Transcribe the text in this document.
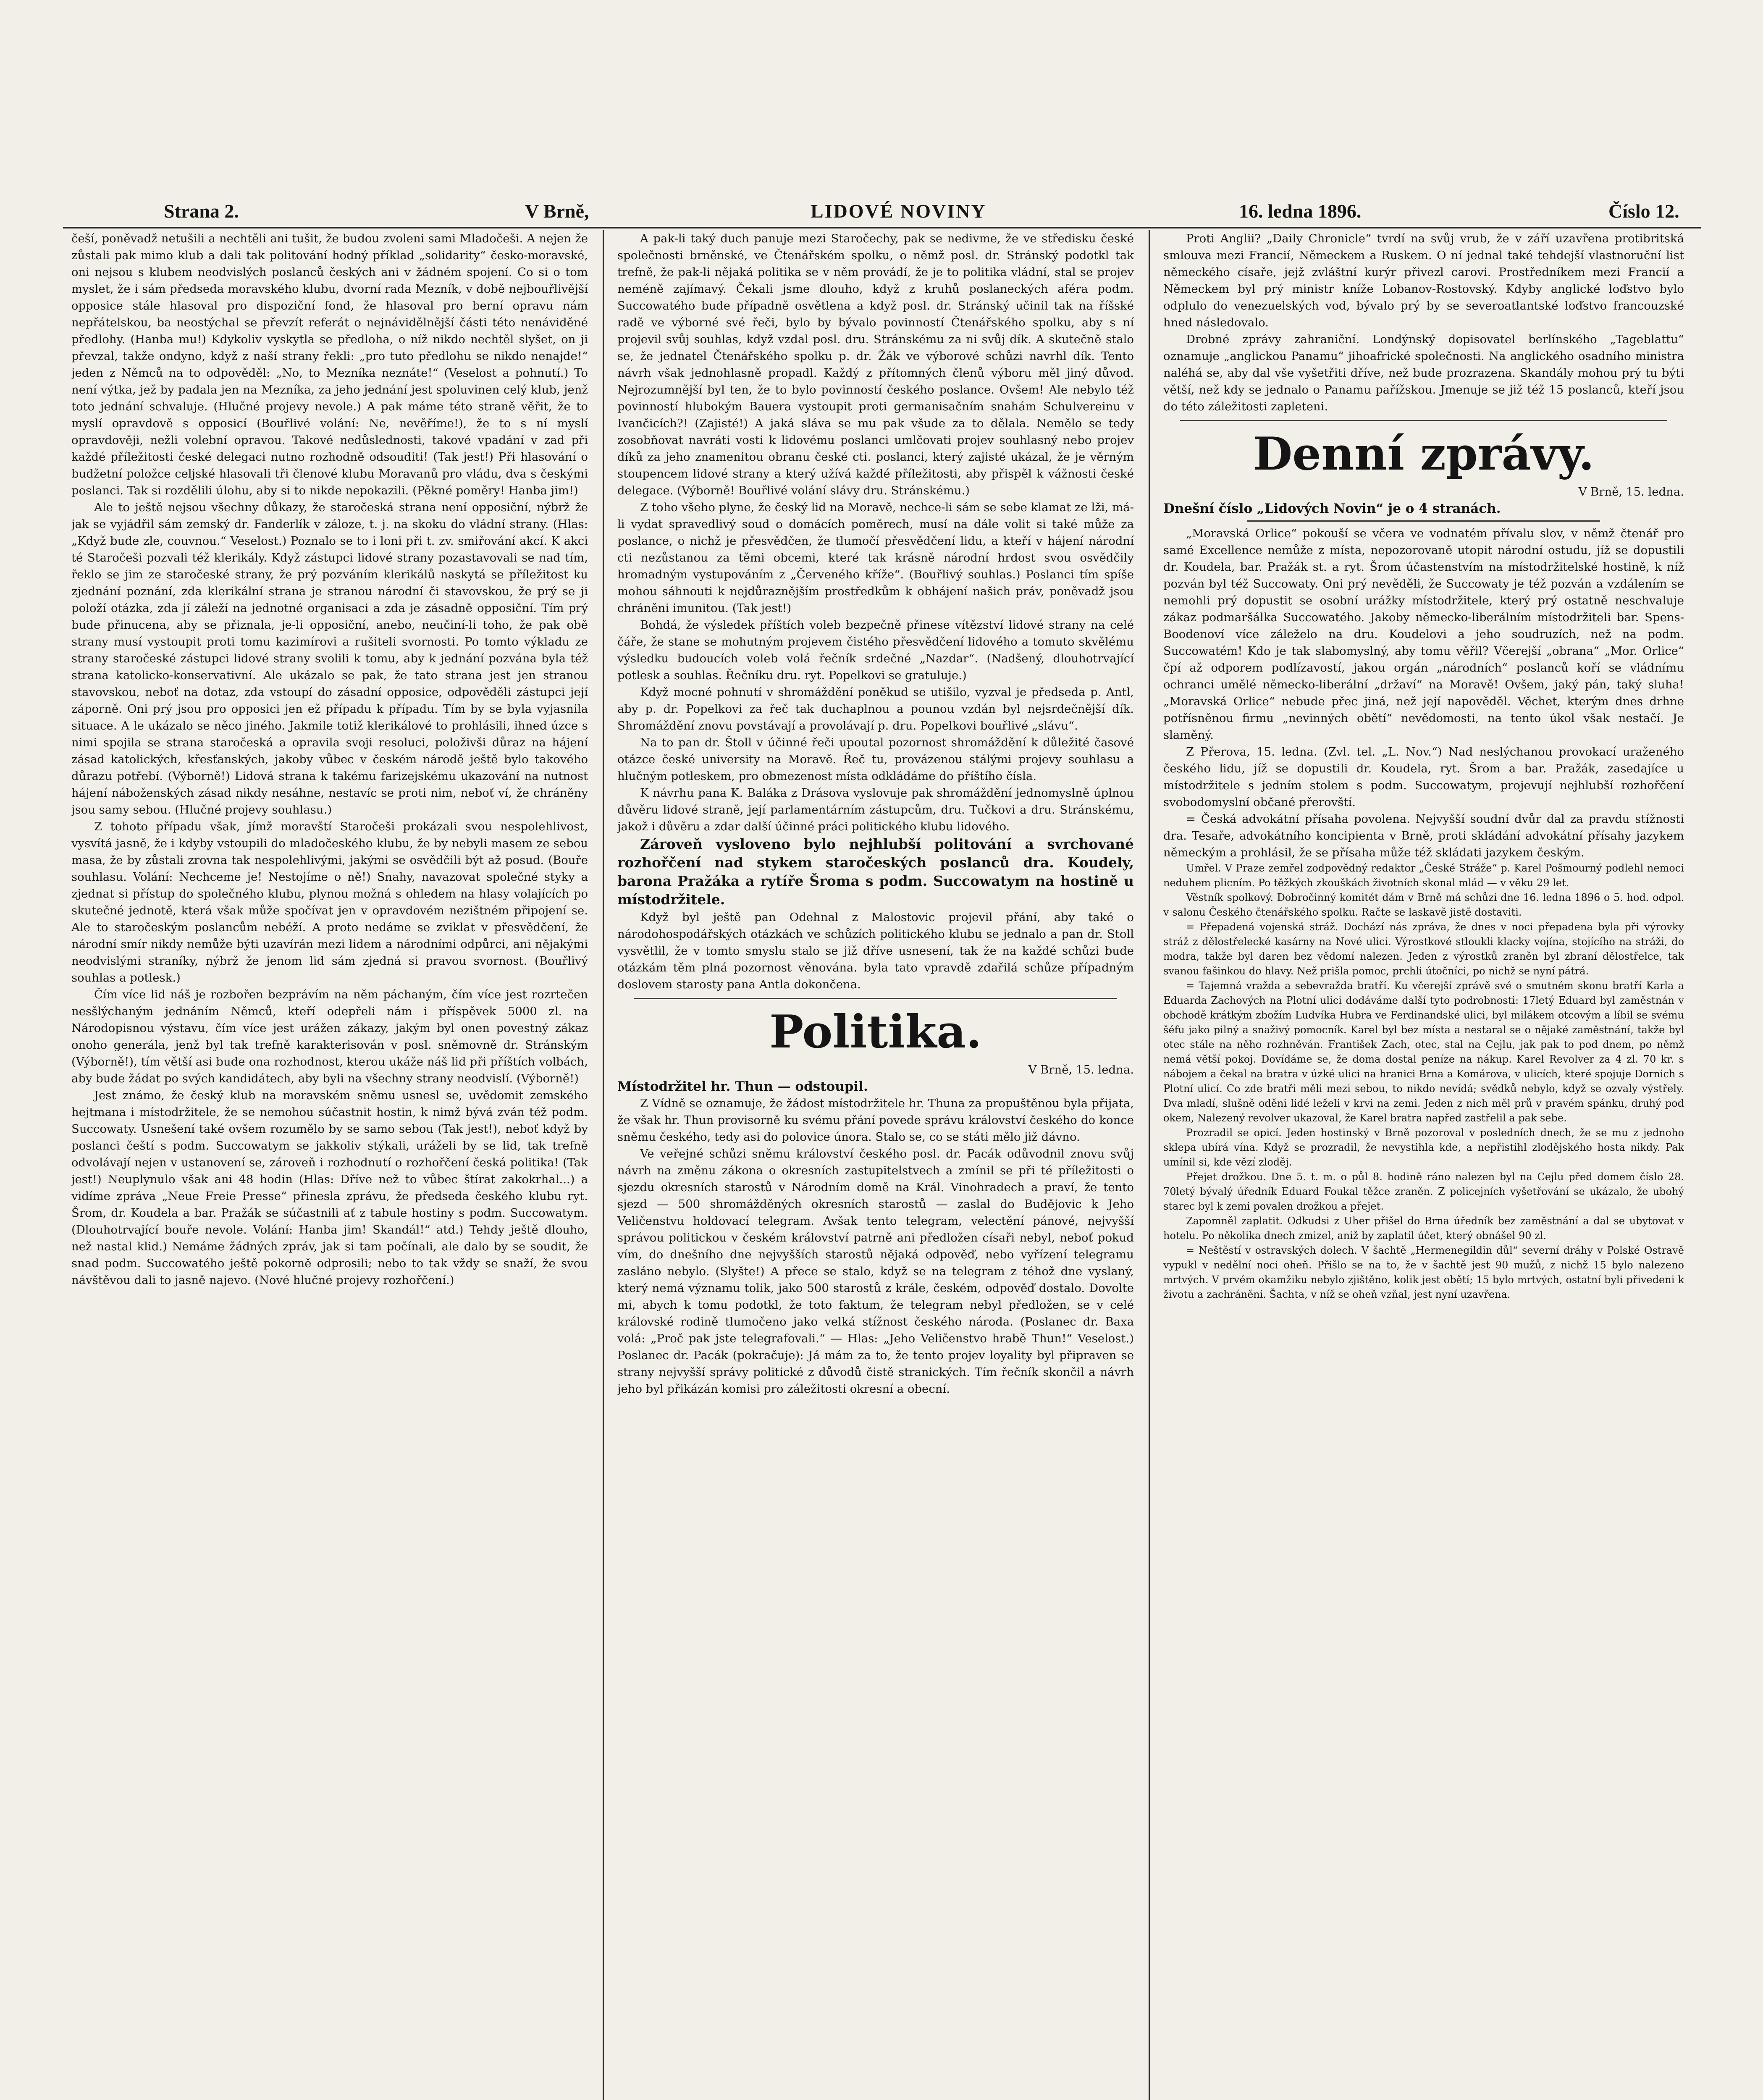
Strana 2.	V Brně,	LIDOVÉ NOVINY	16. ledna 1896.	Číslo 12.

češí, poněvadž netušili a nechtěli ani tušit, že budou zvoleni sami Mladočeši. A nejen že zůstali pak mimo klub a dali tak politování hodný příklad „solidarity“ česko-moravské, oni nejsou s klubem neodvislých poslanců českých ani v žádném spojení. Co si o tom myslet, že i sám předseda moravského klubu, dvorní rada Mezník, v době nejbouřlivější opposice stále hlasoval pro dispoziční fond, že hlasoval pro berní opravu nám nepřátelskou, ba neostýchal se převzít referát o nejnávidělnější části této nenáviděné předlohy. (Hanba mu!) Kdykoliv vyskytla se předloha, o níž nikdo nechtěl slyšet, on ji převzal, takže ondyno, když z naší strany řekli: „pro tuto předlohu se nikdo nenajde!“ jeden z Němců na to odpověděl: „No, to Mezníka neznáte!“ (Veselost a pohnutí.) To není výtka, jež by padala jen na Mezníka, za jeho jednání jest spoluvinen celý klub, jenž toto jednání schvaluje. (Hlučné projevy nevole.) A pak máme této straně věřit, že to myslí opravdově s opposicí (Bouřlivé volání: Ne, nevěříme!), že to s ní myslí opravdověji, nežli volební opravou. Takové nedůslednosti, takové vpadání v zad při každé příležitosti české delegaci nutno rozhodně odsouditi! (Tak jest!) Při hlasování o budžetní položce celjské hlasovali tři členové klubu Moravanů pro vládu, dva s českými poslanci. Tak si rozdělili úlohu, aby si to nikde nepokazili. (Pěkné poměry! Hanba jim!)

Ale to ještě nejsou všechny důkazy, že staročeská strana není opposiční, nýbrž že jak se vyjádřil sám zemský dr. Fanderlík v záloze, t. j. na skoku do vládní strany. (Hlas: „Když bude zle, couvnou.“ Veselost.) Poznalo se to i loni při t. zv. smiřování akcí. K akci té Staročeši pozvali též klerikály. Když zástupci lidové strany pozastavovali se nad tím, řeklo se jim ze staročeské strany, že prý pozváním klerikálů naskytá se příležitost ku zjednání poznání, zda klerikální strana je stranou národní či stavovskou, že prý se ji položí otázka, zda jí záleží na jednotné organisaci a zda je zásadně opposiční. Tím prý bude přinucena, aby se přiznala, je-li opposiční, anebo, neučiní-li toho, že pak obě strany musí vystoupit proti tomu kazimírovi a rušiteli svornosti. Po tomto výkladu ze strany staročeské zástupci lidové strany svolili k tomu, aby k jednání pozvána byla též strana katolicko-konservativní. Ale ukázalo se pak, že tato strana jest jen stranou stavovskou, neboť na dotaz, zda vstoupí do zásadní opposice, odpověděli zástupci její záporně. Oni prý jsou pro opposici jen ež případu k případu. Tím by se byla vyjasnila situace. A le ukázalo se něco jiného. Jakmile totiž klerikálové to prohlásili, ihned úzce s nimi spojila se strana staročeská a opravila svoji resoluci, položivši důraz na hájení zásad katolických, křesťanských, jakoby vůbec v českém národě ještě bylo takového důrazu potřebí. (Výborně!) Lidová strana k takému farizejskému ukazování na nutnost hájení náboženských zásad nikdy nesáhne, nestavíc se proti nim, neboť ví, že chráněny jsou samy sebou. (Hlučné projevy souhlasu.)

Z tohoto případu však, jímž moravští Staročeši prokázali svou nespolehlivost, vysvítá jasně, že i kdyby vstoupili do mladočeského klubu, že by nebyli masem ze sebou masa, že by zůstali zrovna tak nespolehlivými, jakými se osvědčili být až posud. (Bouře souhlasu. Volání: Nechceme je! Nestojíme o ně!) Snahy, navazovat společné styky a zjednat si přístup do společného klubu, plynou možná s ohledem na hlasy volajících po skutečné jednotě, která však může spočívat jen v opravdovém nezištném připojení se. Ale to staročeským poslancům nebéží. A proto nedáme se zviklat v přesvědčení, že národní smír nikdy nemůže býti uzavírán mezi lidem a národními odpůrci, ani nějakými neodvislými straníky, nýbrž že jenom lid sám zjedná si pravou svornost. (Bouřlivý souhlas a potlesk.)

Čím více lid náš je rozbořen bezprávím na něm páchaným, čím více jest rozrtečen nesšlýchaným jednáním Němců, kteří odepřeli nám i příspěvek 5000 zl. na Národopisnou výstavu, čím více jest urážen zákazy, jakým byl onen povestný zákaz onoho generála, jenž byl tak trefně karakterisován v posl. sněmovně dr. Stránským (Výborně!), tím větší asi bude ona rozhodnost, kterou ukáže náš lid při příštích volbách, aby bude žádat po svých kandidátech, aby byli na všechny strany neodvislí. (Výborně!)

Jest známo, že český klub na moravském sněmu usnesl se, uvědomit zemského hejtmana i místodržitele, že se nemohou súčastnit hostin, k nimž bývá zván též podm. Succowaty. Usnešení také ovšem rozumělo by se samo sebou (Tak jest!), neboť když by poslanci čeští s podm. Succowatym se jakkoliv stýkali, uráželi by se lid, tak trefně odvolávají nejen v ustanovení se, zároveň i rozhodnutí o rozhořčení česká politika! (Tak jest!) Neuplynulo však ani 48 hodin (Hlas: Dříve než to vůbec štírat zakokrhal...) a vidíme zpráva „Neue Freie Presse“ přinesla zprávu, že předseda českého klubu ryt. Šrom, dr. Koudela a bar. Pražák se súčastnili ať z tabule hostiny s podm. Succowatym. (Dlouhotrvající bouře nevole. Volání: Hanba jim! Skandál!“ atd.) Tehdy ještě dlouho, než nastal klid.) Nemáme žádných zpráv, jak si tam počínali, ale dalo by se soudit, že snad podm. Succowatého ještě pokorně odprosili; nebo to tak vždy se snaží, že svou návštěvou dali to jasně najevo. (Nové hlučné projevy rozhořčení.)

A pak-li taký duch panuje mezi Staročechy, pak se nedivme, že ve středisku české společnosti brněnské, ve Čtenářském spolku, o němž posl. dr. Stránský podotkl tak trefně, že pak-li nějaká politika se v něm provádí, že je to politika vládní, stal se projev neméně zajímavý. Čekali jsme dlouho, když z kruhů poslaneckých aféra podm. Succowatého bude případně osvětlena a když posl. dr. Stránský učinil tak na říšské radě ve výborné své řeči, bylo by bývalo povinností Čtenářského spolku, aby s ní projevil svůj souhlas, když vzdal posl. dru. Stránskému za ni svůj dík. A skutečně stalo se, že jednatel Čtenářského spolku p. dr. Žák ve výborové schůzi navrhl dík. Tento návrh však jednohlasně propadl. Každý z přítomných členů výboru měl jiný důvod. Nejrozumnější byl ten, že to bylo povinností českého poslance. Ovšem! Ale nebylo též povinností hlubokým Bauera vystoupit proti germanisačním snahám Schulvereinu v Ivančicích?! (Zajisté!) A jaká sláva se mu pak všude za to dělala. Nemělo se tedy zosobňovat navráti vosti k lidovému poslanci umlčovati projev souhlasný nebo projev díků za jeho znamenitou obranu české cti. poslanci, který zajisté ukázal, že je věrným stoupencem lidové strany a který užívá každé příležitosti, aby přispěl k vážnosti české delegace. (Výborně! Bouřlivé volání slávy dru. Stránskému.)

Z toho všeho plyne, že český lid na Moravě, nechce-li sám se sebe klamat ze lži, má-li vydat spravedlivý soud o domácích poměrech, musí na dále volit si také může za poslance, o nichž je přesvědčen, že tlumočí přesvědčení lidu, a kteří v hájení národní cti nezůstanou za těmi obcemi, které tak krásně národní hrdost svou osvědčily hromadným vystupováním z „Červeného kříže“. (Bouřlivý souhlas.) Poslanci tím spíše mohou sáhnouti k nejdůraznějším prostředkům k obhájení našich práv, poněvadž jsou chráněni imunitou. (Tak jest!)

Bohdá, že výsledek příštích voleb bezpečně přinese vítězství lidové strany na celé čáře, že stane se mohutným projevem čistého přesvědčení lidového a tomuto skvělému výsledku budoucích voleb volá řečník srdečné „Nazdar“. (Nadšený, dlouhotrvající potlesk a souhlas. Řečníku dru. ryt. Popelkovi se gratuluje.)

Když mocné pohnutí v shromáždění poněkud se utišilo, vyzval je předseda p. Antl, aby p. dr. Popelkovi za řeč tak duchaplnou a pounou vzdán byl nejsrdečnější dík. Shromáždění znovu povstávají a provolávají p. dru. Popelkovi bouřlivé „slávu“.

Na to pan dr. Štoll v účinné řeči upoutal pozornost shromáždění k důležité časové otázce české university na Moravě. Řeč tu, provázenou stálými projevy souhlasu a hlučným potleskem, pro obmezenost místa odkládáme do příštího čísla.

K návrhu pana K. Baláka z Drásova vyslovuje pak shromáždění jednomyslně úplnou důvěru lidové straně, její parlamentárním zástupcům, dru. Tučkovi a dru. Stránskému, jakož i důvěru a zdar další účinné práci politického klubu lidového.

Zároveň vysloveno bylo nejhlubší politování a svrchované rozhořčení nad stykem staročeských poslanců dra. Koudely, barona Pražáka a rytíře Šroma s podm. Succowatym na hostině u místodržitele.

Když byl ještě pan Odehnal z Malostovic projevil přání, aby také o národohospodářských otázkách ve schůzích politického klubu se jednalo a pan dr. Stoll vysvětlil, že v tomto smyslu stalo se již dříve usnesení, tak že na každé schůzi bude otázkám těm plná pozornost věnována. byla tato vpravdě zdařilá schůze případným doslovem starosty pana Antla dokončena.

Politika.

V Brně, 15. ledna.

Místodržitel hr. Thun — odstoupil.

Z Vídně se oznamuje, že žádost místodržitele hr. Thuna za propuštěnou byla přijata, že však hr. Thun provisorně ku svému přání povede správu království českého do konce sněmu českého, tedy asi do polovice února. Stalo se, co se státi mělo již dávno.

Ve veřejné schůzi sněmu království českého posl. dr. Pacák odůvodnil znovu svůj návrh na změnu zákona o okresních zastupitelstvech a zmínil se při té příležitosti o sjezdu okresních starostů v Národním domě na Král. Vinohradech a praví, že tento sjezd — 500 shromážděných okresních starostů — zaslal do Budějovic k Jeho Veličenstvu holdovací telegram. Avšak tento telegram, velectění pánové, nejvyšší správou politickou v českém království patrně ani předložen císaři nebyl, neboť pokud vím, do dnešního dne nejvyšších starostů nějaká odpověď, nebo vyřízení telegramu zasláno nebylo. (Slyšte!) A přece se stalo, když se na telegram z téhož dne vyslaný, který nemá významu tolik, jako 500 starostů z krále, českém, odpověď dostalo. Dovolte mi, abych k tomu podotkl, že toto faktum, že telegram nebyl předložen, se v celé královské rodině tlumočeno jako velká stížnost českého národa. (Poslanec dr. Baxa volá: „Proč pak jste telegrafovali.“ — Hlas: „Jeho Veličenstvo hrabě Thun!“ Veselost.) Poslanec dr. Pacák (pokračuje): Já mám za to, že tento projev loyality byl připraven se strany nejvyšší správy politické z důvodů čistě stranických. Tím řečník skončil a návrh jeho byl přikázán komisi pro záležitosti okresní a obecní.

Proti Anglii? „Daily Chronicle“ tvrdí na svůj vrub, že v září uzavřena protibritská smlouva mezi Francií, Německem a Ruskem. O ní jednal také tehdejší vlastnoruční list německého císaře, jejž zvláštní kurýr přivezl carovi. Prostředníkem mezi Francií a Německem byl prý ministr kníže Lobanov-Rostovský. Kdyby anglické loďstvo bylo odplulo do venezuelských vod, bývalo prý by se severoatlantské loďstvo francouzské hned následovalo.

Drobné zprávy zahraniční. Londýnský dopisovatel berlínského „Tageblattu“ oznamuje „anglickou Panamu“ jihoafrické společnosti. Na anglického osadního ministra naléhá se, aby dal vše vyšetřiti dříve, než bude prozrazena. Skandály mohou prý tu býti větší, než kdy se jednalo o Panamu pařížskou. Jmenuje se již též 15 poslanců, kteří jsou do této záležitosti zapleteni.

Denní zprávy.

V Brně, 15. ledna.

Dnešní číslo „Lidových Novin“ je o 4 stranách.

„Moravská Orlice“ pokouší se včera ve vodnatém přívalu slov, v němž čtenář pro samé Excellence nemůže z místa, nepozorovaně utopit národní ostudu, jíž se dopustili dr. Koudela, bar. Pražák st. a ryt. Šrom účastenstvím na místodržitelské hostině, k níž pozván byl též Succowaty. Oni prý nevěděli, že Succowaty je též pozván a vzdálením se nemohli prý dopustit se osobní urážky místodržitele, který prý ostatně neschvaluje zákaz podmaršálka Succowatého. Jakoby německo-liberálním místodržiteli bar. Spens-Boodenoví více záleželo na dru. Koudelovi a jeho soudruzích, než na podm. Succowatém! Kdo je tak slabomyslný, aby tomu věřil? Včerejší „obrana“ „Mor. Orlice“ čpí až odporem podlízavostí, jakou orgán „národních“ poslanců koří se vládnímu ochranci umělé německo-liberální „državí“ na Moravě! Ovšem, jaký pán, taký sluha! „Moravská Orlice“ nebude přec jiná, než její napověděl. Věchet, kterým dnes drhne potřísněnou firmu „nevinných obětí“ nevědomosti, na tento úkol však nestačí. Je slaměný.

Z Přerova, 15. ledna. (Zvl. tel. „L. Nov.“) Nad neslýchanou provokací uraženého českého lidu, jíž se dopustili dr. Koudela, ryt. Šrom a bar. Pražák, zasedajíce u místodržitele s jedním stolem s podm. Succowatym, projevují nejhlubší rozhořčení svobodomyslní občané přerovští.

= Česká advokátní přísaha povolena. Nejvyšší soudní dvůr dal za pravdu stížnosti dra. Tesaře, advokátního koncipienta v Brně, proti skládání advokátní přísahy jazykem německým a prohlásil, že se přísaha může též skládati jazykem českým.

Umřel. V Praze zemřel zodpovědný redaktor „České Stráže“ p. Karel Pošmourný podlehl nemoci neduhem plicním. Po těžkých zkouškách životních skonal mlád — v věku 29 let.

Věstník spolkový. Dobročinný komitét dám v Brně má schůzi dne 16. ledna 1896 o 5. hod. odpol. v salonu Českého čtenářského spolku. Račte se laskavě jistě dostaviti.

= Přepadená vojenská stráž. Dochází nás zpráva, že dnes v noci přepadena byla při výrovky stráž z dělostřelecké kasárny na Nové ulici. Výrostkové stloukli klacky vojína, stojícího na stráži, do modra, takže byl daren bez vědomí nalezen. Jeden z výrostků zraněn byl zbraní dělostřelce, tak svanou fašinkou do hlavy. Než prišla pomoc, prchli útočníci, po nichž se nyní pátrá.

= Tajemná vražda a sebevražda bratří. Ku včerejší zprávě své o smutném skonu bratří Karla a Eduarda Zachových na Plotní ulici dodáváme další tyto podrobnosti: 17letý Eduard byl zaměstnán v obchodě krátkým zbožím Ludvíka Hubra ve Ferdinandské ulici, byl milákem otcovým a líbil se svému šéfu jako pilný a snaživý pomocník. Karel byl bez místa a nestaral se o nějaké zaměstnání, takže byl otec stále na něho rozhněván. František Zach, otec, stal na Cejlu, jak pak to pod dnem, po němž nemá větší pokoj. Dovídáme se, že doma dostal peníze na nákup. Karel Revolver za 4 zl. 70 kr. s nábojem a čekal na bratra v úzké ulici na hranici Brna a Komárova, v ulicích, které spojuje Dornich s Plotní ulicí. Co zde bratři měli mezi sebou, to nikdo nevídá; svědků nebylo, když se ozvaly výstřely. Dva mladí, slušně oděni lidé leželi v krvi na zemi. Jeden z nich měl prů v pravém spánku, druhý pod okem, Nalezený revolver ukazoval, že Karel bratra napřed zastřelil a pak sebe.

Prozradil se opicí. Jeden hostinský v Brně pozoroval v posledních dnech, že se mu z jednoho sklepa ubírá vína. Když se prozradil, že nevystihla kde, a nepřistihl zlodějského hosta nikdy. Pak umínil si, kde vězí zloděj.

Přejet drožkou. Dne 5. t. m. o půl 8. hodině ráno nalezen byl na Cejlu před domem číslo 28. 70letý bývalý úředník Eduard Foukal těžce zraněn. Z policejních vyšetřování se ukázalo, že ubohý starec byl k zemi povalen drožkou a přejet.

Zapomněl zaplatit. Odkudsi z Uher přišel do Brna úředník bez zaměstnání a dal se ubytovat v hotelu. Po několika dnech zmizel, aniž by zaplatil účet, který obnášel 90 zl.

= Neštěstí v ostravských dolech. V šachtě „Hermenegildin důl“ severní dráhy v Polské Ostravě vypukl v nedělní noci oheň. Přišlo se na to, že v šachtě jest 90 mužů, z nichž 15 bylo nalezeno mrtvých. V prvém okamžiku nebylo zjištěno, kolik jest obětí; 15 bylo mrtvých, ostatní byli přivedeni k životu a zachráněni. Šachta, v níž se oheň vzňal, jest nyní uzavřena.
